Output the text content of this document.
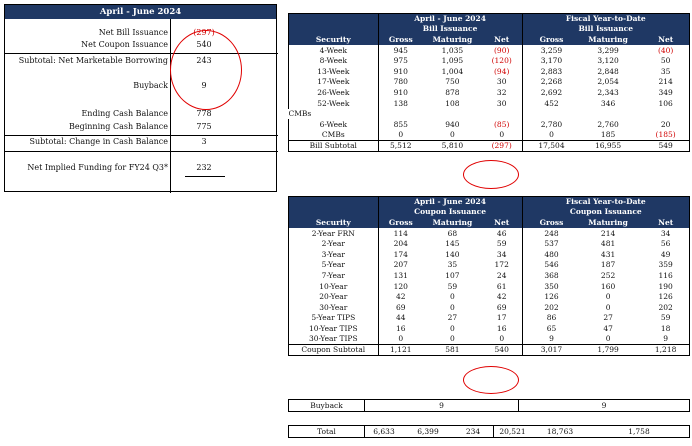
April - June 2024
Net Bill Issuance	(297)
Net Coupon Issuance	540
Subtotal: Net Marketable Borrowing	243
Buyback	9
Ending Cash Balance	778
Beginning Cash Balance	775
Subtotal: Change in Cash Balance	3
Net Implied Funding for FY24 Q3*	232
	April - June 2024			Fiscal Year-to-Date				
	Bill Issuance			Bill Issuance				
Security	Gross	Maturing	Net		Gross	Maturing	Net	
4-Week	945	1,035	(90)		3,259	3,299	(40)	
8-Week	975	1,095	(120)		3,170	3,120	50	
13-Week	910	1,004	(94)		2,883	2,848	35	
17-Week	780	750	30		2,268	2,054	214	
26-Week	910	878	32		2,692	2,343	349	
52-Week	138	108	30		452	346	106	
CMBs								
6-Week	855	940	(85)		2,780	2,760	20	
CMBs	0	0	0		0	185	(185)	
Bill Subtotal	5,512	5,810	(297)		17,504	16,955	549	
	April - June 2024			Fiscal Year-to-Date				
	Coupon Issuance			Coupon Issuance				
Security	Gross	Maturing	Net		Gross	Maturing	Net	
2-Year FRN	114	68	46		248	214	34	
2-Year	204	145	59		537	481	56	
3-Year	174	140	34		480	431	49	
5-Year	207	35	172		546	187	359	
7-Year	131	107	24		368	252	116	
10-Year	120	59	61		350	160	190	
20-Year	42	0	42		126	0	126	
30-Year	69	0	69		202	0	202	
5-Year TIPS	44	27	17		86	27	59	
10-Year TIPS	16	0	16		65	47	18	
30-Year TIPS	0	0	0		9	0	9	
Coupon Subtotal	1,121	581	540		3,017	1,799	1,218	
Buyback	9	9
Total	6,633	6,399	234	20,521	18,763	1,758
